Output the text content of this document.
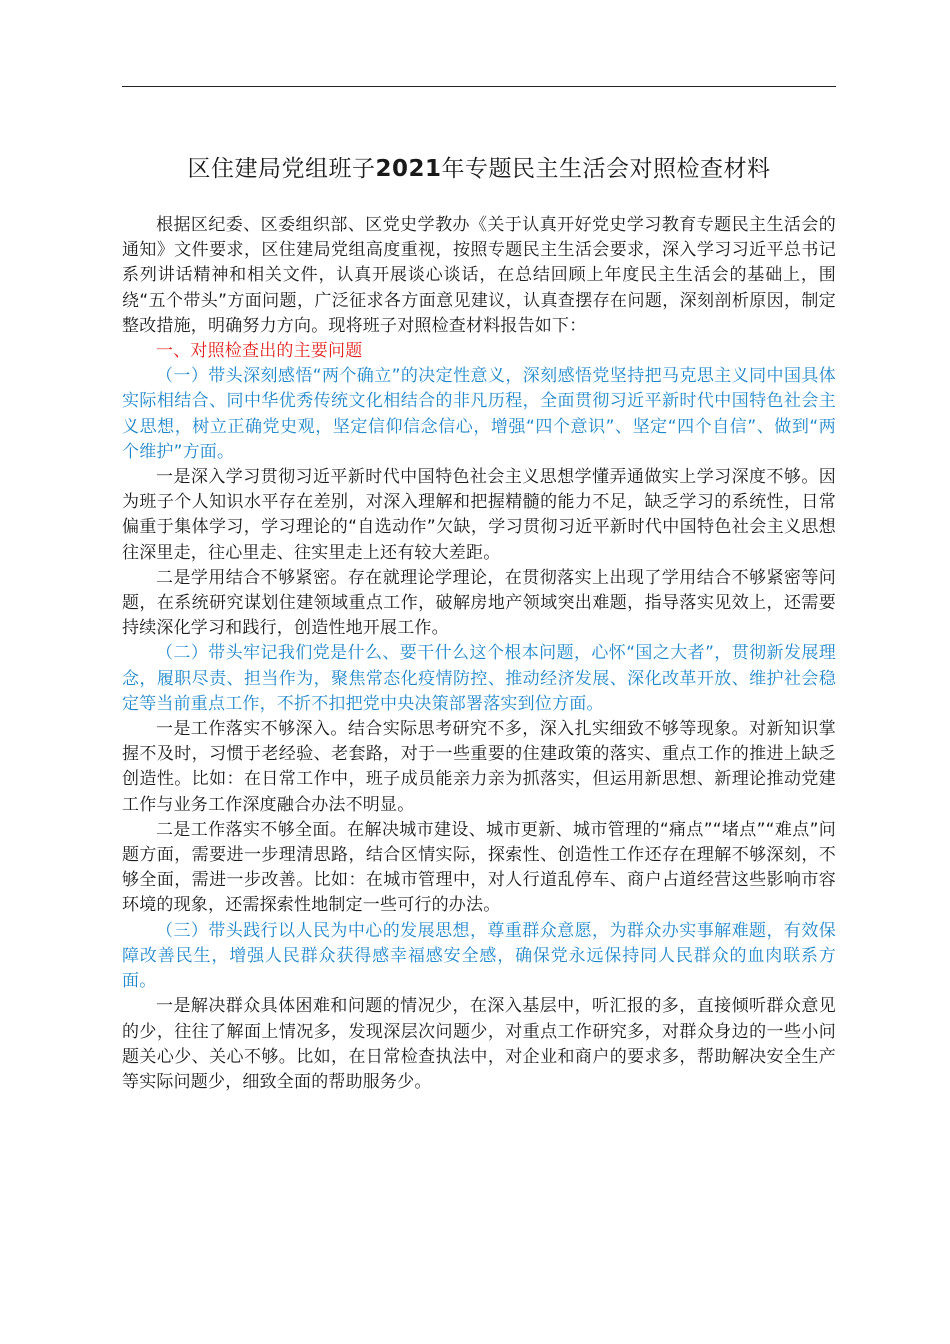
区住建局党组班子2021年专题民主生活会对照检查材料

根据区纪委、区委组织部、区党史学教办《关于认真开好党史学习教育专题民主生活会的通知》文件要求，区住建局党组高度重视，按照专题民主生活会要求，深入学习习近平总书记系列讲话精神和相关文件，认真开展谈心谈话，在总结回顾上年度民主生活会的基础上，围绕“五个带头”方面问题，广泛征求各方面意见建议，认真查摆存在问题，深刻剖析原因，制定整改措施，明确努力方向。现将班子对照检查材料报告如下：

一、对照检查出的主要问题

（一）带头深刻感悟“两个确立”的决定性意义，深刻感悟党坚持把马克思主义同中国具体实际相结合、同中华优秀传统文化相结合的非凡历程，全面贯彻习近平新时代中国特色社会主义思想，树立正确党史观，坚定信仰信念信心，增强“四个意识”、坚定“四个自信”、做到“两个维护”方面。

一是深入学习贯彻习近平新时代中国特色社会主义思想学懂弄通做实上学习深度不够。因为班子个人知识水平存在差别，对深入理解和把握精髓的能力不足，缺乏学习的系统性，日常偏重于集体学习，学习理论的“自选动作”欠缺，学习贯彻习近平新时代中国特色社会主义思想往深里走，往心里走、往实里走上还有较大差距。

二是学用结合不够紧密。存在就理论学理论，在贯彻落实上出现了学用结合不够紧密等问题，在系统研究谋划住建领域重点工作，破解房地产领域突出难题，指导落实见效上，还需要持续深化学习和践行，创造性地开展工作。

（二）带头牢记我们党是什么、要干什么这个根本问题，心怀“国之大者”，贯彻新发展理念，履职尽责、担当作为，聚焦常态化疫情防控、推动经济发展、深化改革开放、维护社会稳定等当前重点工作，不折不扣把党中央决策部署落实到位方面。

一是工作落实不够深入。结合实际思考研究不多，深入扎实细致不够等现象。对新知识掌握不及时，习惯于老经验、老套路，对于一些重要的住建政策的落实、重点工作的推进上缺乏创造性。比如：在日常工作中，班子成员能亲力亲为抓落实，但运用新思想、新理论推动党建工作与业务工作深度融合办法不明显。

二是工作落实不够全面。在解决城市建设、城市更新、城市管理的“痛点”“堵点”“难点”问题方面，需要进一步理清思路，结合区情实际，探索性、创造性工作还存在理解不够深刻，不够全面，需进一步改善。比如：在城市管理中，对人行道乱停车、商户占道经营这些影响市容环境的现象，还需探索性地制定一些可行的办法。

（三）带头践行以人民为中心的发展思想，尊重群众意愿，为群众办实事解难题，有效保障改善民生，增强人民群众获得感幸福感安全感，确保党永远保持同人民群众的血肉联系方面。

一是解决群众具体困难和问题的情况少，在深入基层中，听汇报的多，直接倾听群众意见的少，往往了解面上情况多，发现深层次问题少，对重点工作研究多，对群众身边的一些小问题关心少、关心不够。比如，在日常检查执法中，对企业和商户的要求多，帮助解决安全生产等实际问题少，细致全面的帮助服务少。
